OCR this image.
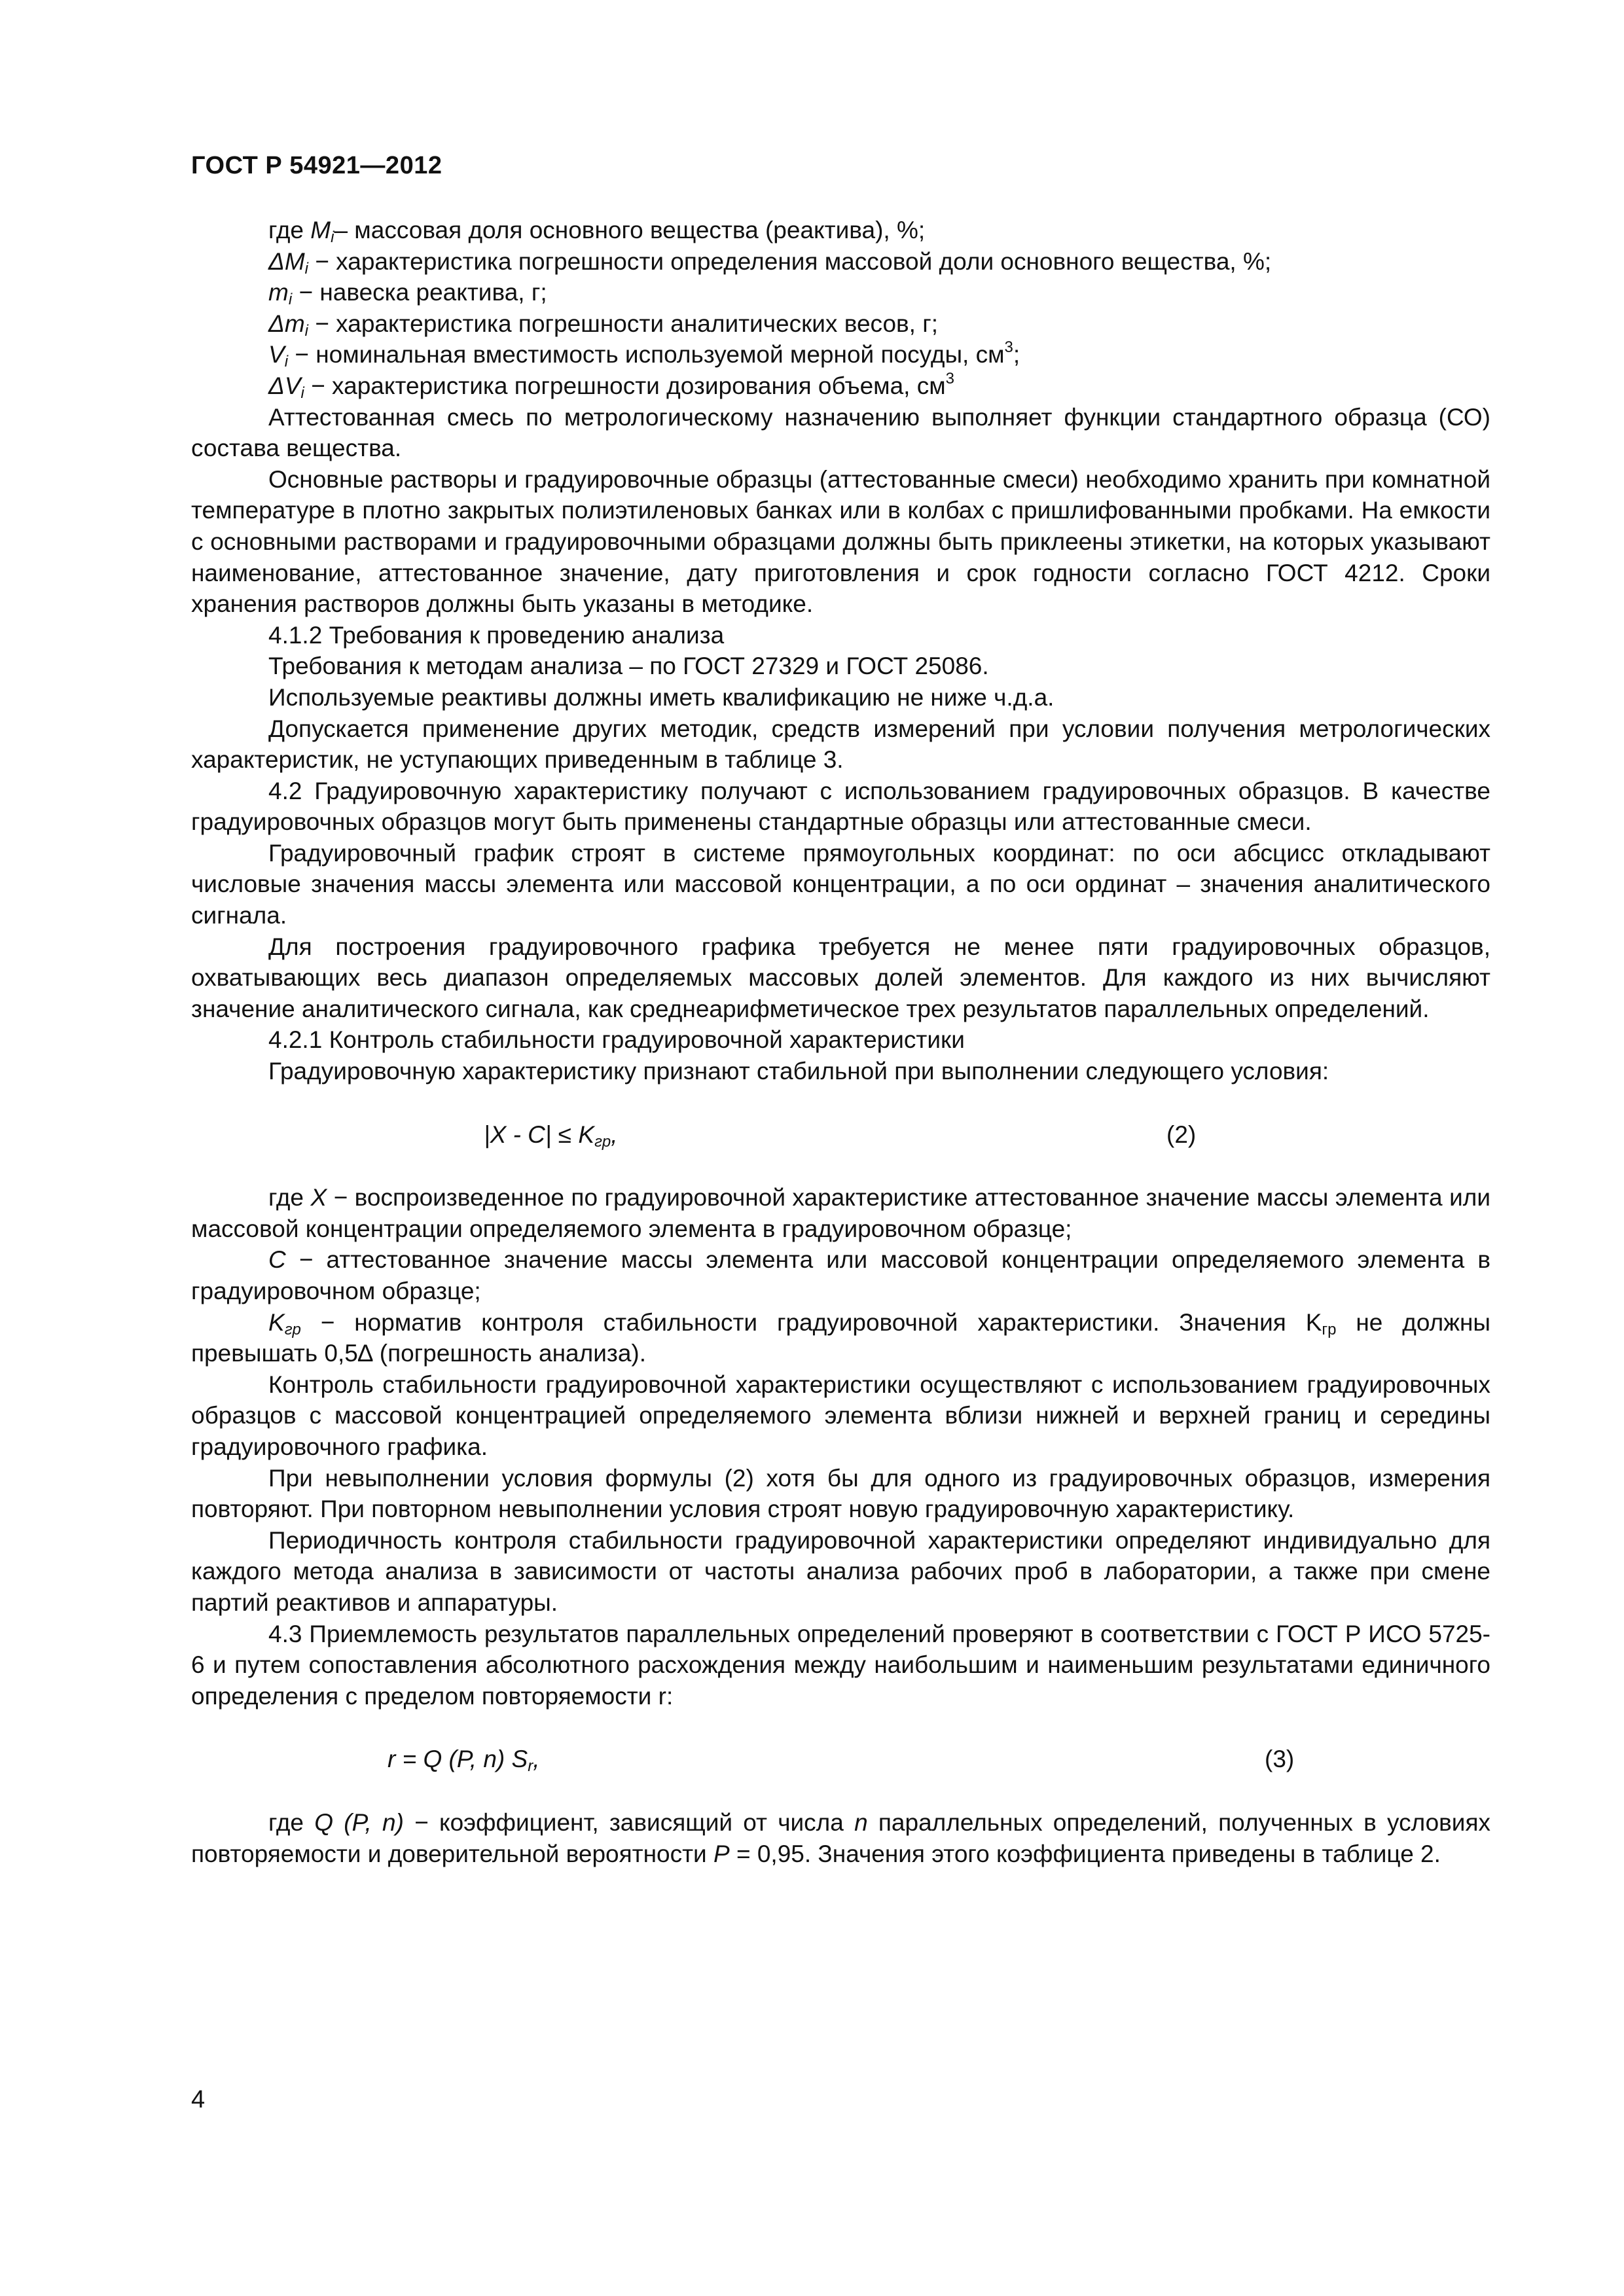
ГОСТ Р 54921—2012

где $M_i-$ массовая доля основного вещества (реактива), %;

$\Delta M_i$ − характеристика погрешности определения массовой доли основного вещества, %;

$m_i$ − навеска реактива, г;

$\Delta m_i$ − характеристика погрешности аналитических весов, г;

$V_i$ − номинальная вместимость используемой мерной посуды, $см^3$;

$\Delta V_i$ − характеристика погрешности дозирования объема, $см^3$

Аттестованная смесь по метрологическому назначению выполняет функции стандартного образца (СО) состава вещества.

Основные растворы и градуировочные образцы (аттестованные смеси) необходимо хранить при комнатной температуре в плотно закрытых полиэтиленовых банках или в колбах с пришлифованными пробками. На емкости с основными растворами и градуировочными образцами должны быть приклеены этикетки, на которых указывают наименование, аттестованное значение, дату приготовления и срок годности согласно ГОСТ 4212. Сроки хранения растворов должны быть указаны в методике.

4.1.2 Требования к проведению анализа

Требования к методам анализа – по ГОСТ 27329 и ГОСТ 25086.

Используемые реактивы должны иметь квалификацию не ниже ч.д.а.

Допускается применение других методик, средств измерений при условии получения метрологических характеристик, не уступающих приведенным в таблице 3.

4.2 Градуировочную характеристику получают с использованием градуировочных образцов. В качестве градуировочных образцов могут быть применены стандартные образцы или аттестованные смеси.

Градуировочный график строят в системе прямоугольных координат: по оси абсцисс откладывают числовые значения массы элемента или массовой концентрации, а по оси ординат – значения аналитического сигнала.

Для построения градуировочного графика требуется не менее пяти градуировочных образцов, охватывающих весь диапазон определяемых массовых долей элементов. Для каждого из них вычисляют значение аналитического сигнала, как среднеарифметическое трех результатов параллельных определений.

4.2.1 Контроль стабильности градуировочной характеристики

Градуировочную характеристику признают стабильной при выполнении следующего условия:

$|X - C| \le K_{гр}$,	(2)

где X − воспроизведенное по градуировочной характеристике аттестованное значение массы элемента или массовой концентрации определяемого элемента в градуировочном образце;

C − аттестованное значение массы элемента или массовой концентрации определяемого элемента в градуировочном образце;

$K_{гр}$ − норматив контроля стабильности градуировочной характеристики. Значения $K_{гр}$ не должны превышать 0,5∆ (погрешность анализа).

Контроль стабильности градуировочной характеристики осуществляют с использованием градуировочных образцов с массовой концентрацией определяемого элемента вблизи нижней и верхней границ и середины градуировочного графика.

При невыполнении условия формулы (2) хотя бы для одного из градуировочных образцов, измерения повторяют. При повторном невыполнении условия строят новую градуировочную характеристику.

Периодичность контроля стабильности градуировочной характеристики определяют индивидуально для каждого метода анализа в зависимости от частоты анализа рабочих проб в лаборатории, а также при смене партий реактивов и аппаратуры.

4.3 Приемлемость результатов параллельных определений проверяют в соответствии с ГОСТ Р ИСО 5725-6 и путем сопоставления абсолютного расхождения между наибольшим и наименьшим результатами единичного определения с пределом повторяемости r:

r = Q (P, n) $S_r$,	(3)

где Q (P, n) − коэффициент, зависящий от числа n параллельных определений, полученных в условиях повторяемости и доверительной вероятности P = 0,95. Значения этого коэффициента приведены в таблице 2.

4
